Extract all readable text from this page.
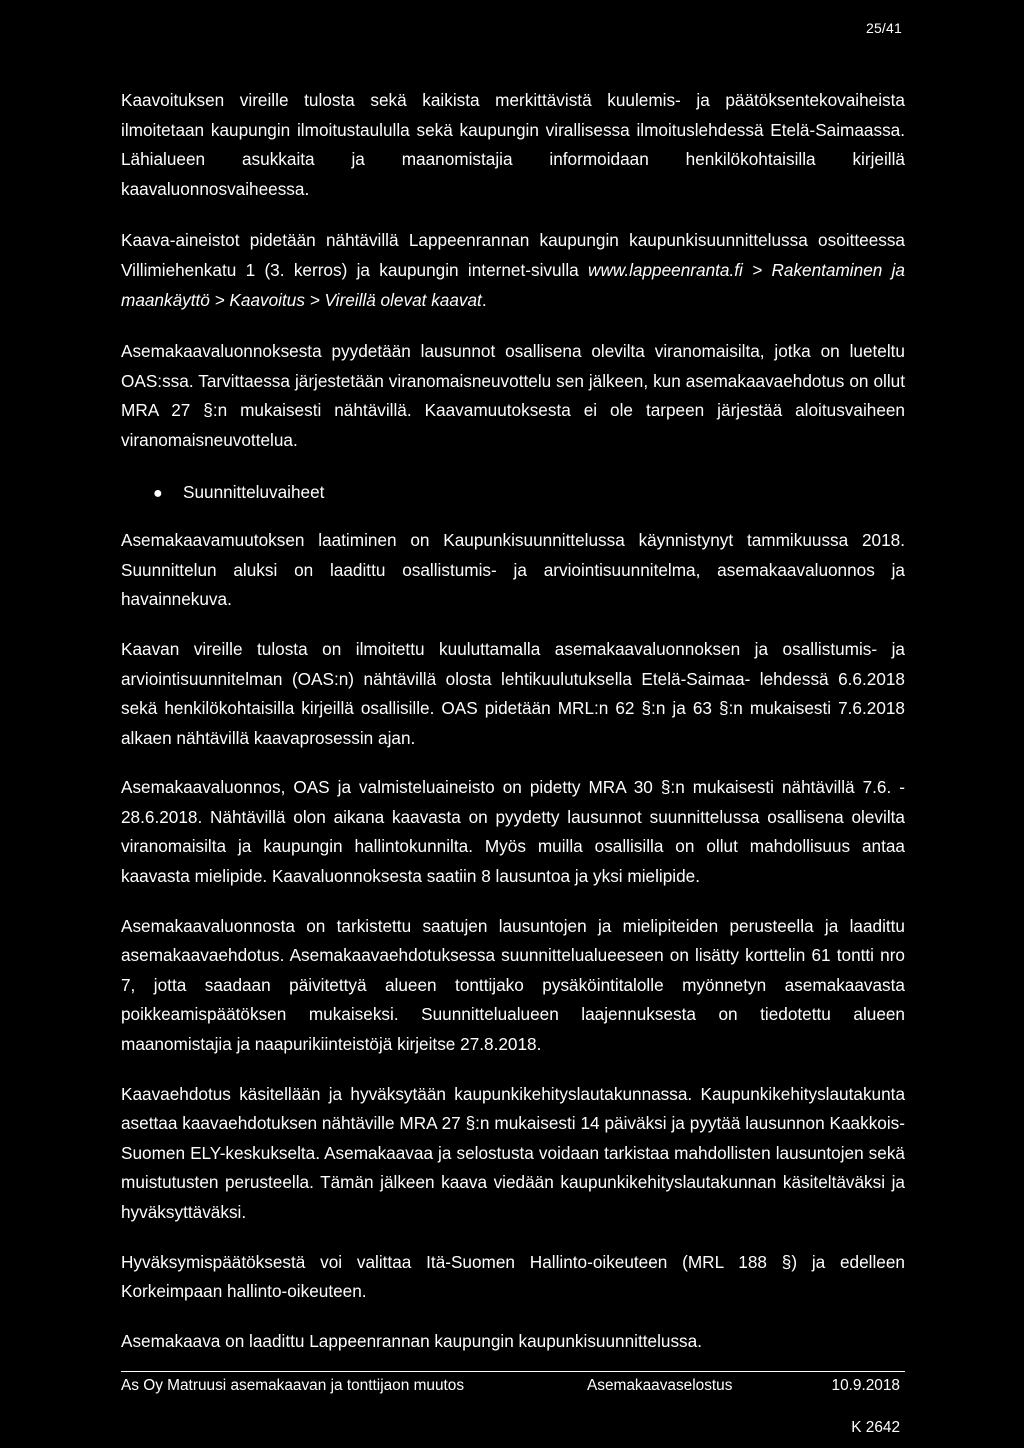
25/41

Kaavoituksen vireille tulosta sekä kaikista merkittävistä kuulemis- ja päätöksentekovaiheista ilmoitetaan kaupungin ilmoitustaululla sekä kaupungin virallisessa ilmoituslehdessä Etelä-Saimaassa. Lähialueen asukkaita ja maanomistajia informoidaan henkilökohtaisilla kirjeillä kaavaluonnosvaiheessa.

Kaava-aineistot pidetään nähtävillä Lappeenrannan kaupungin kaupunkisuunnittelussa osoitteessa Villimiehenkatu 1 (3. kerros) ja kaupungin internet-sivulla www.lappeenranta.fi > Rakentaminen ja maankäyttö > Kaavoitus > Vireillä olevat kaavat.

Asemakaavaluonnoksesta pyydetään lausunnot osallisena olevilta viranomaisilta, jotka on lueteltu OAS:ssa. Tarvittaessa järjestetään viranomaisneuvottelu sen jälkeen, kun asemakaavaehdotus on ollut MRA 27 §:n mukaisesti nähtävillä. Kaavamuutoksesta ei ole tarpeen järjestää aloitusvaiheen viranomaisneuvottelua.

●	Suunnitteluvaiheet

Asemakaavamuutoksen laatiminen on Kaupunkisuunnittelussa käynnistynyt tammikuussa 2018. Suunnittelun aluksi on laadittu osallistumis- ja arviointisuunnitelma, asemakaavaluonnos ja havainnekuva.

Kaavan vireille tulosta on ilmoitettu kuuluttamalla asemakaavaluonnoksen ja osallistumis- ja arviointisuunnitelman (OAS:n) nähtävillä olosta lehtikuulutuksella Etelä-Saimaa- lehdessä 6.6.2018 sekä henkilökohtaisilla kirjeillä osallisille. OAS pidetään MRL:n 62 §:n ja 63 §:n mukaisesti 7.6.2018 alkaen nähtävillä kaavaprosessin ajan.

Asemakaavaluonnos, OAS ja valmisteluaineisto on pidetty MRA 30 §:n mukaisesti nähtävillä 7.6. - 28.6.2018. Nähtävillä olon aikana kaavasta on pyydetty lausunnot suunnittelussa osallisena olevilta viranomaisilta ja kaupungin hallintokunnilta. Myös muilla osallisilla on ollut mahdollisuus antaa kaavasta mielipide. Kaavaluonnoksesta saatiin 8 lausuntoa ja yksi mielipide.

Asemakaavaluonnosta on tarkistettu saatujen lausuntojen ja mielipiteiden perusteella ja laadittu asemakaavaehdotus. Asemakaavaehdotuksessa suunnittelualueeseen on lisätty korttelin 61 tontti nro 7, jotta saadaan päivitettyä alueen tonttijako pysäköintitalolle myönnetyn asemakaavasta poikkeamispäätöksen mukaiseksi. Suunnittelualueen laajennuksesta on tiedotettu alueen maanomistajia ja naapurikiinteistöjä kirjeitse 27.8.2018.

Kaavaehdotus käsitellään ja hyväksytään kaupunkikehityslautakunnassa. Kaupunkikehityslautakunta asettaa kaavaehdotuksen nähtäville MRA 27 §:n mukaisesti 14 päiväksi ja pyytää lausunnon Kaakkois-Suomen ELY-keskukselta. Asemakaavaa ja selostusta voidaan tarkistaa mahdollisten lausuntojen sekä muistutusten perusteella. Tämän jälkeen kaava viedään kaupunkikehityslautakunnan käsiteltäväksi ja hyväksyttäväksi.

Hyväksymispäätöksestä voi valittaa Itä-Suomen Hallinto-oikeuteen (MRL 188 §) ja edelleen Korkeimpaan hallinto-oikeuteen.

Asemakaava on laadittu Lappeenrannan kaupungin kaupunkisuunnittelussa.

As Oy Matruusi asemakaavan ja tonttijaon muutos	Asemakaavaselostus	10.9.2018
K 2642
